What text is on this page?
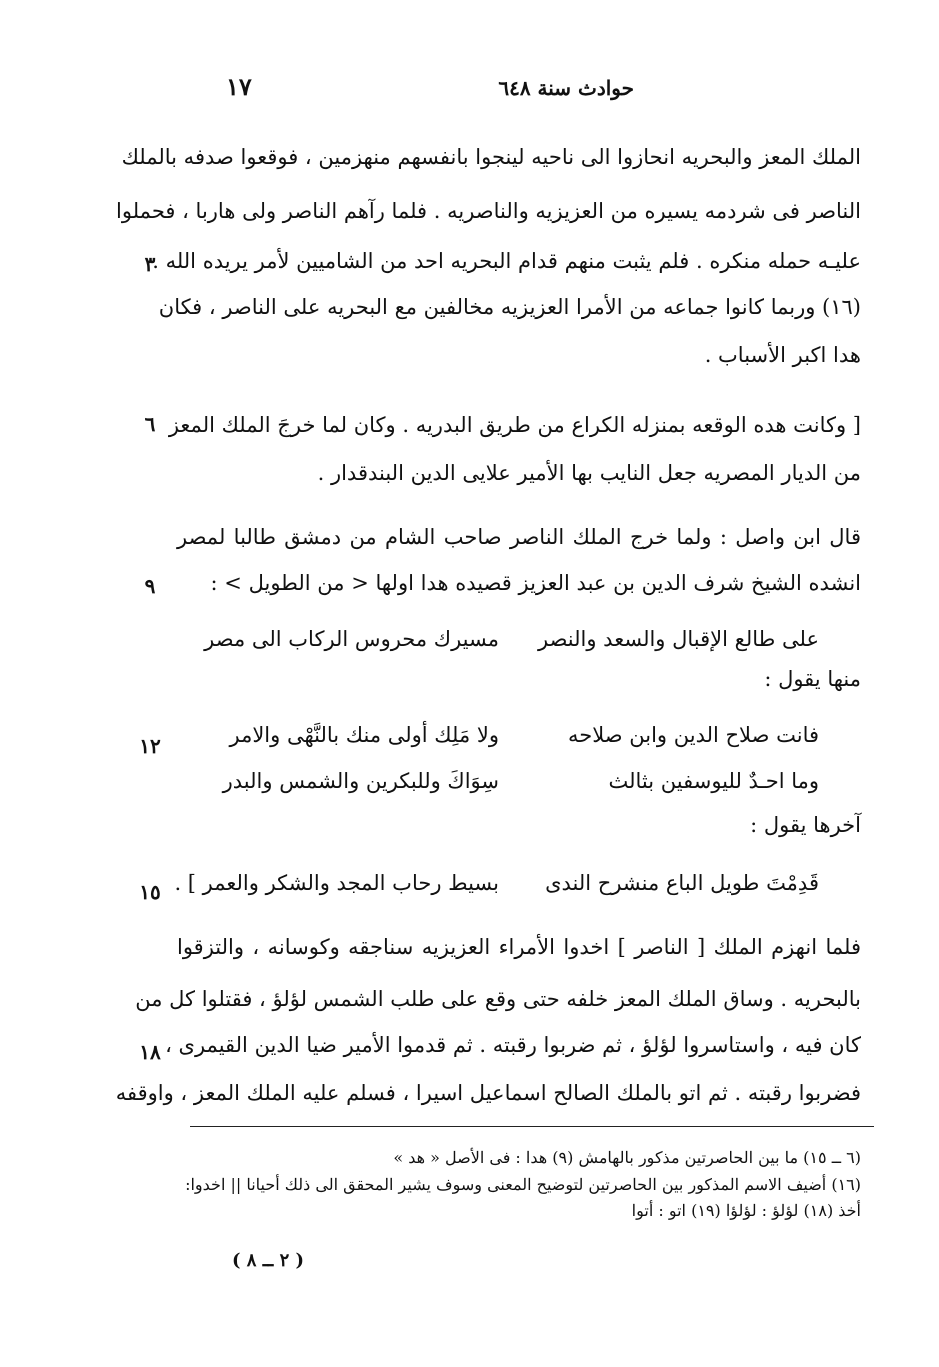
حوادث سنة ٦٤٨
١٧
الملك المعز والبحريه انحازوا الى ناحيه لينجوا بانفسهم منهزمين ، فوقعوا صدفه بالملك
الناصر فى شردمه يسيره من العزيزيه والناصريه . فلما رآهم الناصر ولى هاربا ، فحملوا
عليـه حمله منكره . فلم يثبت منهم قدام البحريه احد من الشاميين لأمر يريده الله .
(١٦) وربما كانوا جماعه من الأمرا العزيزيه مخالفين مع البحريه على الناصر ، فكان
هدا اكبر الأسباب .
[ وكانت هده الوقعه بمنزله الكراع من طريق البدريه . وكان لما خرجَ الملك المعز
من الديار المصريه جعل النايب بها الأمير علايى الدين البندقدار .
قال ابن واصل : ولما خرج الملك الناصر صاحب الشام من دمشق طالبا لمصر
انشده الشيخ شرف الدين بن عبد العزيز قصيده هدا اولها < من الطويل > :
على طالع الإقبال والسعد والنصر
مسيرك محروس الركاب الى مصر
منها يقول :
فانت صلاح الدين وابن صلاحه
ولا مَلِك أولى منك بالنَّهْى والامر
وما احـدٌ لليوسفين بثالث
سِوَاكَ وللبكرين والشمس والبدر
آخرها يقول :
قَدِمْتَ طويل الباع منشرح الندى
بسيط رحاب المجد والشكر والعمر ] .
فلما انهزم الملك [ الناصر ] اخدوا الأمراء العزيزيه سناجقه وكوسانه ، والتزقوا
بالبحريه . وساق الملك المعز خلفه حتى وقع على طلب الشمس لؤلؤ ، فقتلوا كل من
كان فيه ، واستاسروا لؤلؤ ، ثم ضربوا رقبته . ثم قدموا الأمير ضيا الدين القيمرى ،
فضربوا رقبته . ثم اتو بالملك الصالح اسماعيل اسيرا ، فسلم عليه الملك المعز ، واوقفه
٣
٦
٩
١٢
١٥
١٨
(٦ ــ ١٥) ما بين الحاصرتين مذكور بالهامش (٩) هدا : فى الأصل « هد »
(١٦) أضيف الاسم المذكور بين الحاصرتين لتوضيح المعنى وسوف يشير المحقق الى ذلك أحيانا || اخدوا: أخذ (١٨) لؤلؤ : لؤلؤا (١٩) اتو : أتوا
( ٢ ــ ٨ )
